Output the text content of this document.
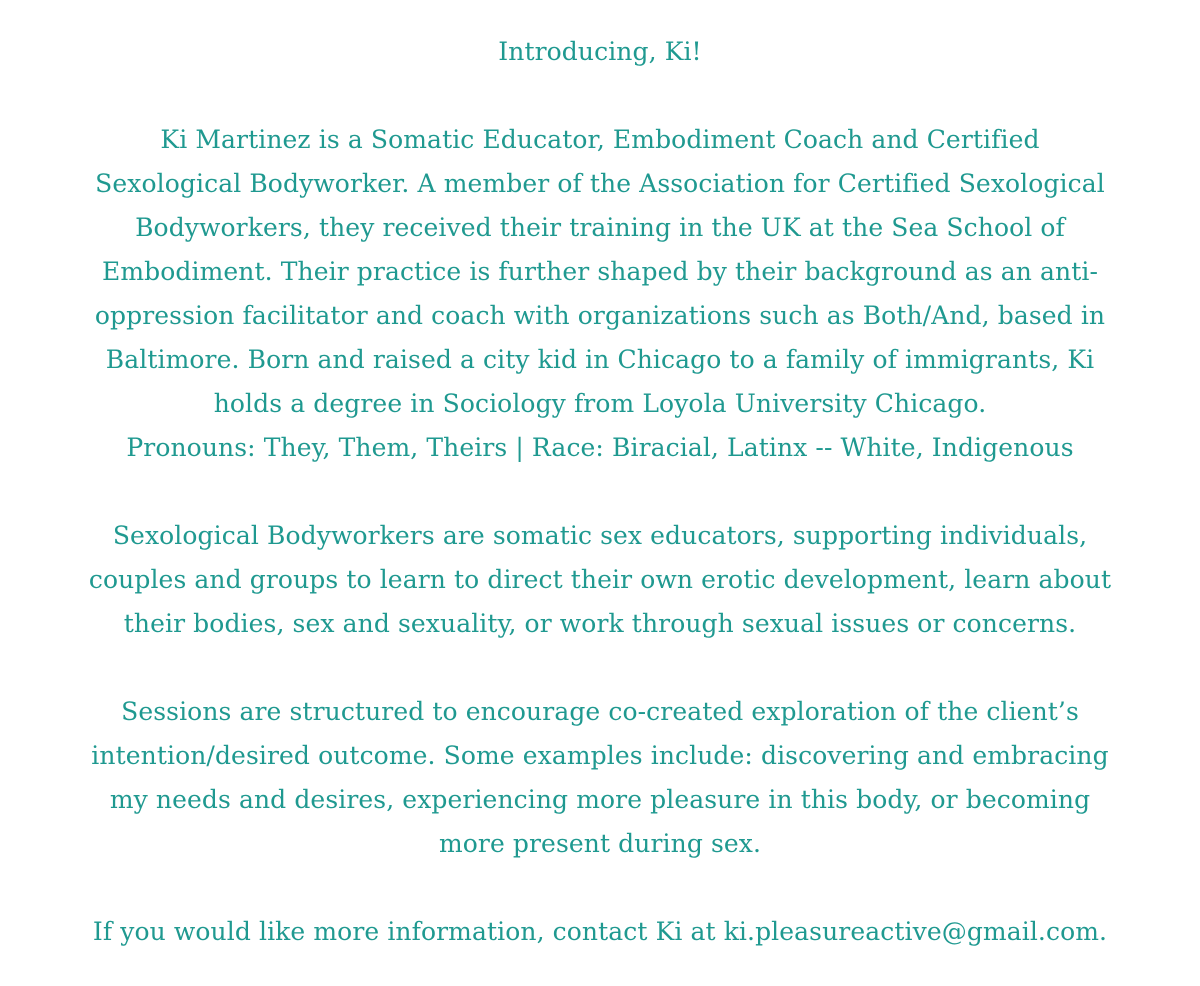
Introducing, Ki!
Ki Martinez is a Somatic Educator, Embodiment Coach and Certified
Sexological Bodyworker. A member of the Association for Certified Sexological
Bodyworkers, they received their training in the UK at the Sea School of
Embodiment. Their practice is further shaped by their background as an anti-
oppression facilitator and coach with organizations such as Both/And, based in
Baltimore. Born and raised a city kid in Chicago to a family of immigrants, Ki
holds a degree in Sociology from Loyola University Chicago.
Pronouns: They, Them, Theirs | Race: Biracial, Latinx -- White, Indigenous
Sexological Bodyworkers are somatic sex educators, supporting individuals,
couples and groups to learn to direct their own erotic development, learn about
their bodies, sex and sexuality, or work through sexual issues or concerns.
Sessions are structured to encourage co-created exploration of the client’s
intention/desired outcome. Some examples include: discovering and embracing
my needs and desires, experiencing more pleasure in this body, or becoming
more present during sex.
If you would like more information, contact Ki at ki.pleasureactive@gmail.com.
